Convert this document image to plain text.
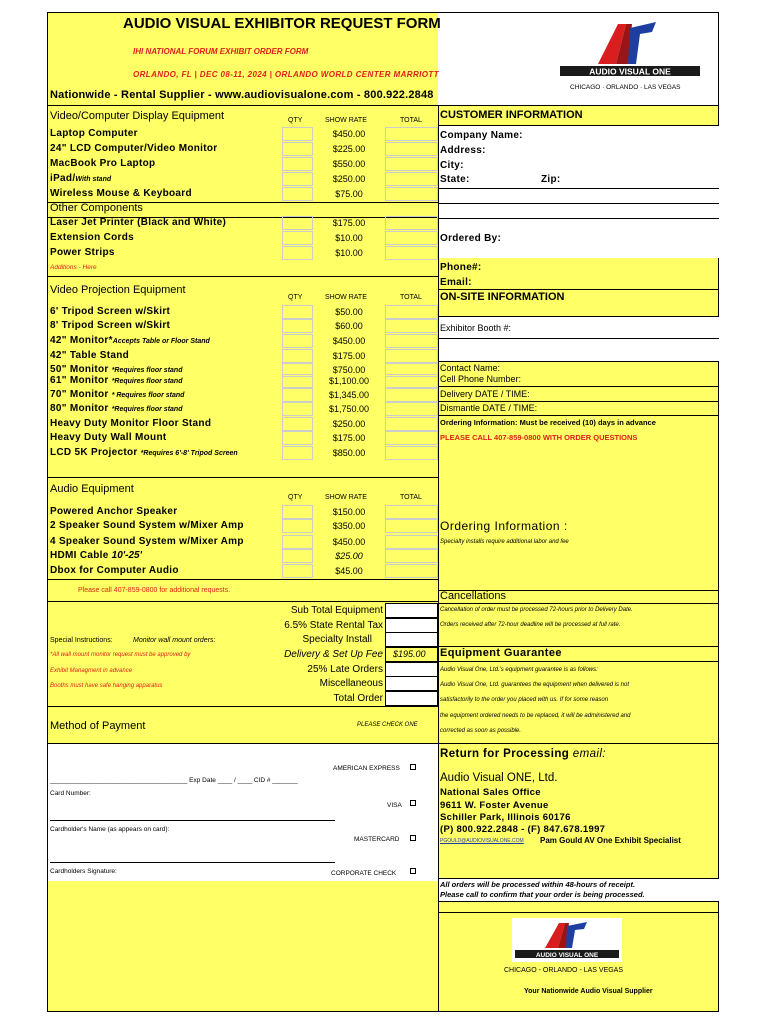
AUDIO VISUAL EXHIBITOR REQUEST FORM
IHI NATIONAL FORUM EXHIBIT ORDER FORM
ORLANDO, FL | DEC 08-11, 2024 | ORLANDO WORLD CENTER MARRIOTT
Nationwide - Rental Supplier - www.audiovisualone.com - 800.922.2848
AUDIO VISUAL ONE
CHICAGO · ORLANDO · LAS VEGAS
Video/Computer Display Equipment	QTY	SHOW RATE	TOTAL
Laptop Computer	$450.00
24" LCD Computer/Video Monitor	$225.00
MacBook Pro Laptop	$550.00
iPad/With stand	$250.00
Wireless Mouse & Keyboard	$75.00
Other Components
Laser Jet Printer (Black and White)	$175.00
Extension Cords	$10.00
Power Strips	$10.00
Additions - Here
Video Projection Equipment
QTY	SHOW RATE	TOTAL
6' Tripod Screen w/Skirt	$50.00
8' Tripod Screen w/Skirt	$60.00
42" Monitor*Accepts Table or Floor Stand	$450.00
42" Table Stand	$175.00
50" Monitor *Requires floor stand	$750.00
61" Monitor *Requires floor stand	$1,100.00
70" Monitor * Requires floor stand	$1,345.00
80" Monitor *Requires floor stand	$1,750.00
Heavy Duty Monitor Floor Stand	$250.00
Heavy Duty Wall Mount	$175.00
LCD 5K Projector *Requires 6'-8' Tripod Screen	$850.00
Audio Equipment
QTY	SHOW RATE	TOTAL
Powered Anchor Speaker	$150.00
2 Speaker Sound System w/Mixer Amp	$350.00
4 Speaker Sound System w/Mixer Amp	$450.00
HDMI Cable 10'-25'	$25.00
Dbox for Computer Audio	$45.00
Please call 407-859-0800 for additional requests.
Sub Total Equipment
6.5% State Rental Tax
Specialty Install
Delivery & Set Up Fee $195.00
25% Late Orders
Miscellaneous
Total Order
Special Instructions:	Monitor wall mount orders:
*All wall mount monitor request must be approved by
Exhibit Managment in advance
Booths must have safe hanging apparatus
Method of Payment	PLEASE CHECK ONE
AMERICAN EXPRESS
______________________________________ Exp Date ____ / ____ CID # _______
Card Number:
VISA
Cardholder's Name (as appears on card):
MASTERCARD
Cardholders Signature:	CORPORATE CHECK
CUSTOMER INFORMATION
Company Name:
Address:
City:
State:	Zip:
Ordered By:
Phone#:
Email:
ON-SITE INFORMATION
Exhibitor Booth #:
Contact Name:
Cell Phone Number:
Delivery DATE / TIME:
Dismantle DATE / TIME:
Ordering Information: Must be received (10) days in advance
PLEASE CALL 407-859-0800 WITH ORDER QUESTIONS
Ordering Information :
Specialty installs require additional labor and fee
Cancellations
Cancellation of order must be processed 72-hours prior to Delivery Date.
Orders received after 72-hour deadline will be processed at full rate.
Equipment Guarantee
Audio Visual One, Ltd.'s equipment guarantee is as follows:
Audio Visual One, Ltd. guarantees the equipment when delivered is not
satisfactorily to the order you placed with us. If for some reason
the equipment ordered needs to be replaced, it will be administered and
corrected as soon as possible.
Return for Processing email:
Audio Visual ONE, Ltd.
National Sales Office
9611 W. Foster Avenue
Schiller Park, Illinois 60176
(P) 800.922.2848 - (F) 847.678.1997
PGOULD@AUDIOVISUALONE.COM Pam Gould AV One Exhibit Specialist
All orders will be processed within 48-hours of receipt.
Please call to confirm that your order is being processed.
AUDIO VISUAL ONE
CHICAGO - ORLANDO - LAS VEGAS
Your Nationwide Audio Visual Supplier
